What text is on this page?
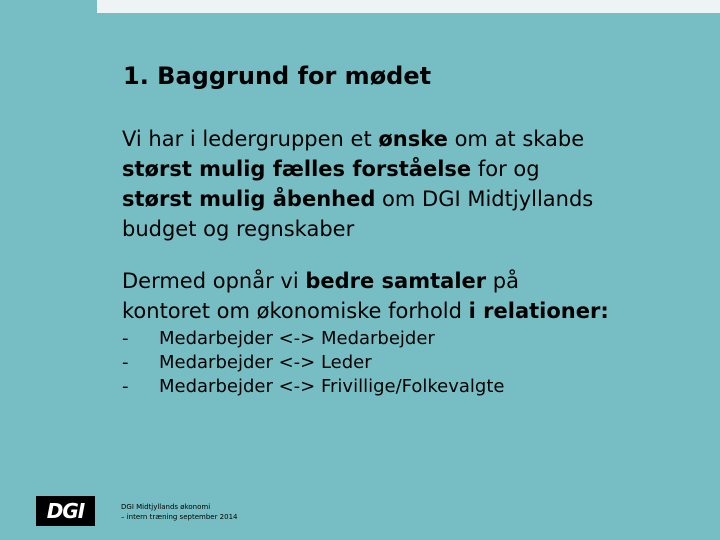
1. Baggrund for mødet

Vi har i ledergruppen et ønske om at skabe
størst mulig fælles forståelse for og
størst mulig åbenhed om DGI Midtjyllands
budget og regnskaber

Dermed opnår vi bedre samtaler på
kontoret om økonomiske forhold i relationer:

-	Medarbejder <-> Medarbejder
-	Medarbejder <-> Leder
-	Medarbejder <-> Frivillige/Folkevalgte
DGI	DGI Midtjyllands økonomi
– intern træning september 2014
